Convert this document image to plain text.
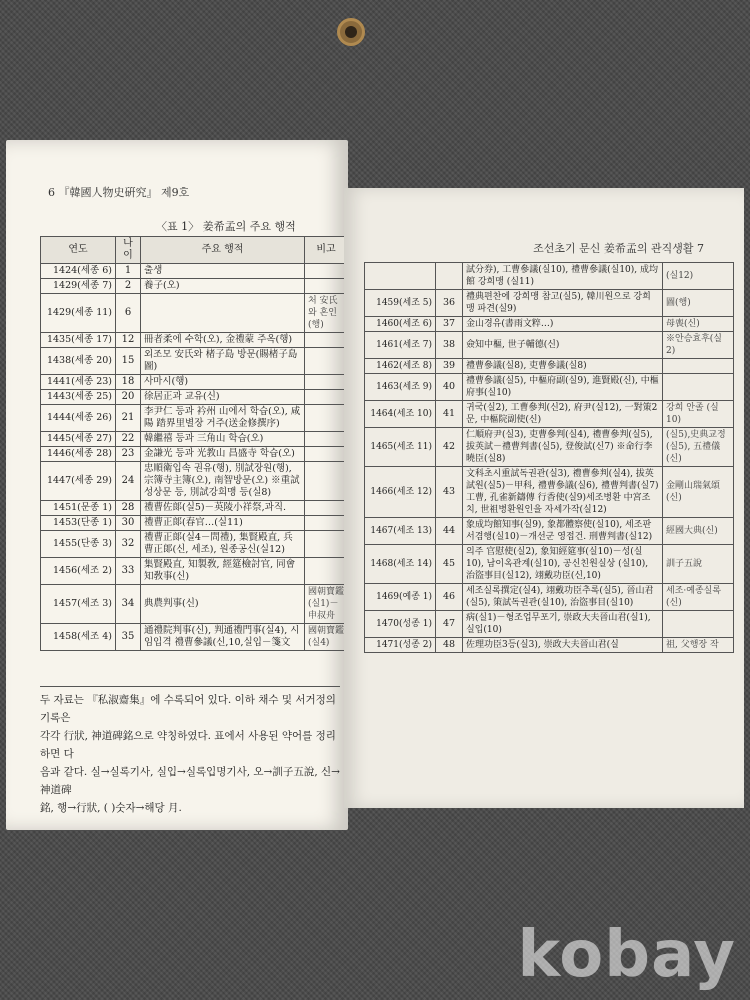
6 『韓國人物史硏究』 제9호
〈표 1〉 姜希孟의 주요 행적
연도	나이	주요 행적	비고
1424(세종 6)	1	출생	
1429(세종 7)	2	養子(오)	
1429(세종 11)	6		처 安氏와 혼인(행)
1435(세종 17)	12	冊者柔에 수학(오), 金禮蒙 주옥(행)	
1438(세종 20)	15	외조모 安氏와 楮子島 방문(賜楮子島圖)	
1441(세종 23)	18	사마시(행)	
1443(세종 25)	20	徐居正과 교유(신)	
1444(세종 26)	21	李尹仁 등과 衿州 山에서 학습(오), 咸陽 踏界里별장 거주(送金修撰序)	
1445(세종 27)	22	韓繼禧 등과 三角山 학습(오)	
1446(세종 28)	23	金謙光 등과 光教山 昌盛寺 학습(오)	
1447(세종 29)	24	忠順衛입속 권유(행), 別試장원(행), 宗簿寺主簿(오), 南智방문(오) ※重試 성상문 등, 別試강희맹 등(실8)	
1451(문종 1)	28	禮曹佐郞(실5)－英陵小祥祭,과직.	
1453(단종 1)	30	禮曹正郞(春官…(실11)	
1455(단종 3)	32	禮曹正郞(실4－問禮), 集賢殿直, 兵曹正郞(신, 세조), 원종공신(실12)	
1456(세조 2)	33	集賢殿直, 知製敎, 經筵檢討官, 同會知敎事(신)	
1457(세조 3)	34	典農判事(신)	國朝寶鑑(실1)－申叔舟
1458(세조 4)	35	通禮院判事(신), 判通禮門事(실4), 시임입격 禮曹參議(신,10,실입－箋文	國朝寶鑑(실4)

두 자료는 『私淑齋集』에 수록되어 있다. 이하 채수 및 서거정의 기록은

각각 行狀, 神道碑銘으로 약칭하였다. 표에서 사용된 약어를 정리하면 다

음과 같다. 실→실록기사, 실입→실록입명기사, 오→訓子五說, 신→神道碑

銘, 행→行狀, ( )숫자→해당 月.

조선초기 문신 姜希孟의 관직생활 7
		試分券), 工曹參議(실10), 禮曹參議(실10), 成均館 강희맹 (실11)	(실12)
1459(세조 5)	36	禮典편찬에 강희맹 참고(실5), 韓川원으로 강희맹 파견(실9)	圖(행)
1460(세조 6)	37	金山경유(書雨文粹…)	母喪(신)
1461(세조 7)	38	僉知中樞, 世子輔德(신)	※안승효후(실2)
1462(세조 8)	39	禮曹參議(실8), 吏曹參議(실8)	
1463(세조 9)	40	禮曹參議(실5), 中樞府副(실9), 進賢殿(신), 中樞府事(실10)	
1464(세조 10)	41	귀국(실2), 工曹參判(신2), 府尹(실12), 一對策2문, 中樞院副使(신)	강희 안졸 (실10)
1465(세조 11)	42	仁順府尹(실3), 吏曹參判(실4), 禮曹參判(실5), 拔英試－禮曹判書(실5), 登俊試(신7) ※命行李曉臣(실8)	(실5),史典교정(실5), 五禮儀(신)
1466(세조 12)	43	文科초시重試독권관(실3), 禮曹參判(실4), 拔英試원(실5)－甲科, 禮曹參議(실6), 禮曹判書(실7)工曹, 孔雀新鑄傳 行香使(실9)세조병환 中宮조치, 世祖병환원인을 자세가작(실12)	金剛山瑞氣頌(신)
1467(세조 13)	44	象成均館知事(실9), 象都體察使(실10), 세조판서겸행(실10)－개선군 영접건. 刑曹判書(실12)	經國大典(신)
1468(세조 14)	45	의주 官慰使(실2), 象知經筵事(실10)－성(실10), 남이옥관계(실10), 공신친원실상 (실10), 治盜事目(실12), 翊戴功臣(신,10)	訓子五說
1469(예종 1)	46	세조실록撰定(실4), 翊戴功臣추록(실5), 晉山君(실5), 策試독권관(실10), 治盜事目(실10)	세조·예종실록(신)
1470(성종 1)	47	病(실1)－형조업무포기, 崇政大夫晉山君(실1), 실입(10)	
1471(성종 2)	48	佐理功臣3등(실3), 崇政大夫晉山君(실	祖, 父행장 작
kobay
